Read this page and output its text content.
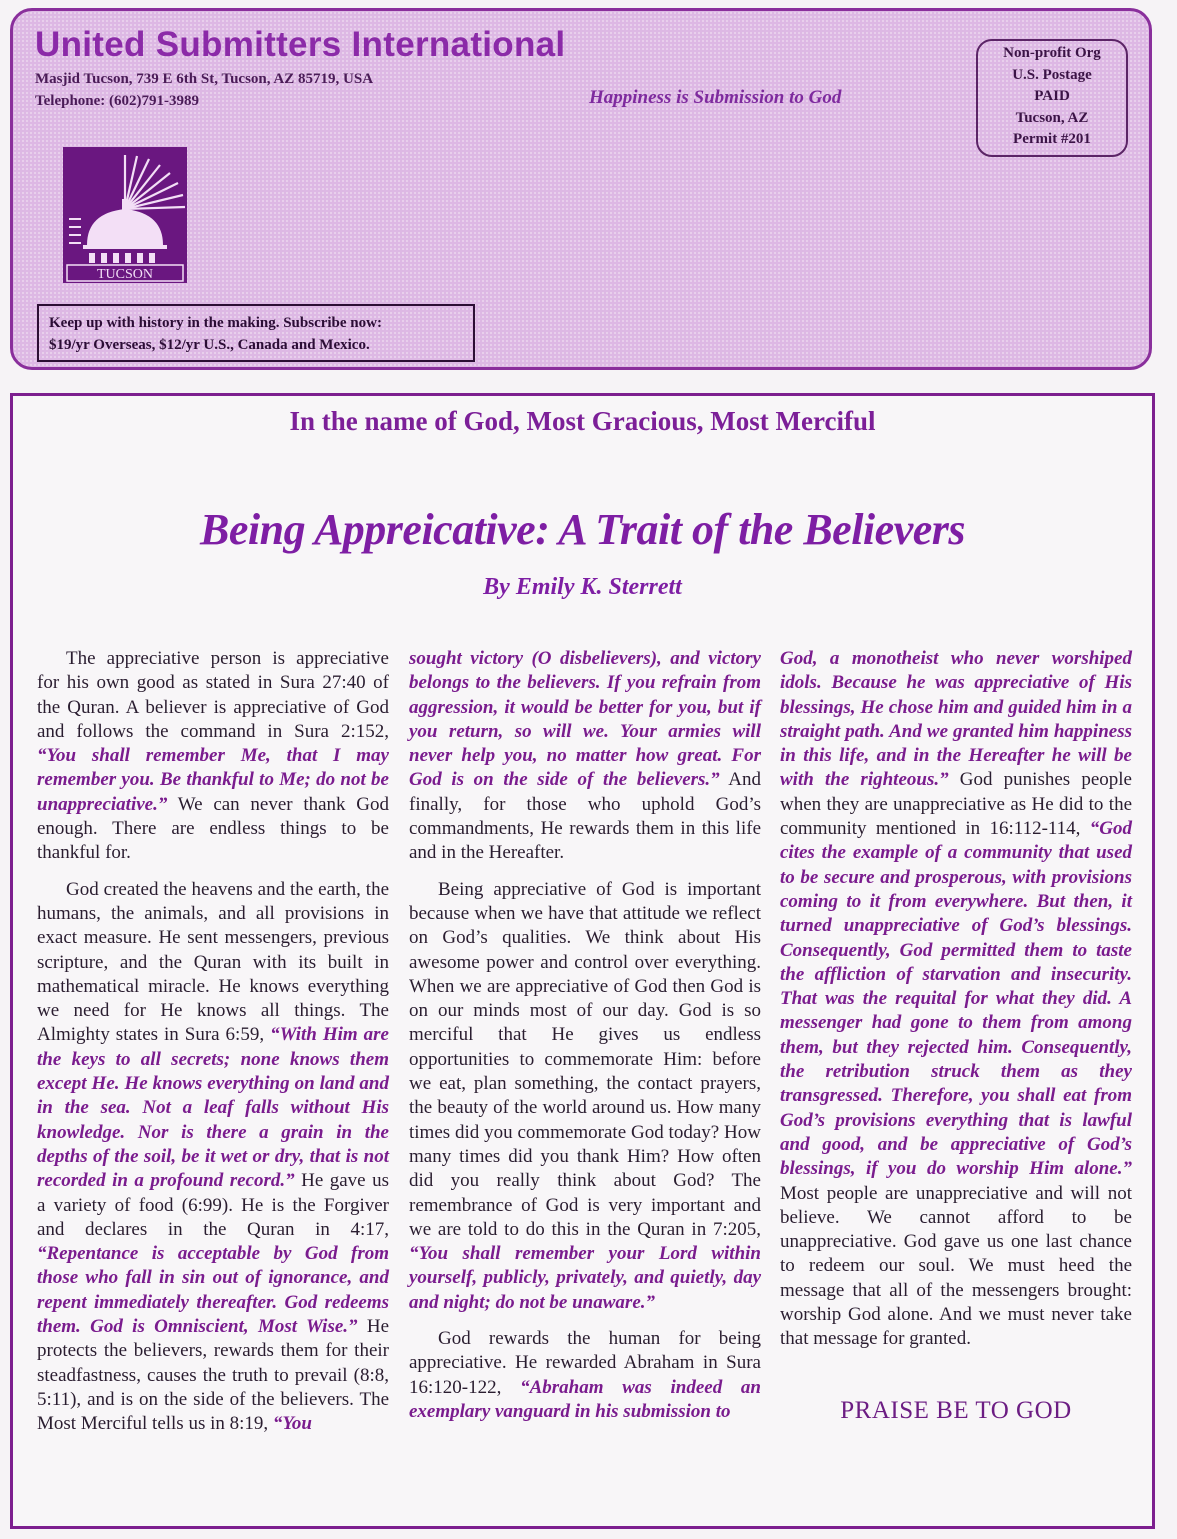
United Submitters International
Masjid Tucson, 739 E 6th St, Tucson, AZ 85719, USA
Telephone: (602)791-3989	Happiness is Submission to God
Non-profit Org
U.S. Postage
PAID
Tucson, AZ
Permit #201
TUCSON
Keep up with history in the making. Subscribe now:
$19/yr Overseas, $12/yr U.S., Canada and Mexico.
In the name of God, Most Gracious, Most Merciful
Being Appreicative: A Trait of the Believers
By Emily K. Sterrett

The appreciative person is appreciative for his own good as stated in Sura 27:40 of the Quran. A believer is appreciative of God and follows the command in Sura 2:152, “You shall remember Me, that I may remember you. Be thankful to Me; do not be unappreciative.” We can never thank God enough. There are endless things to be thankful for.

God created the heavens and the earth, the humans, the animals, and all provisions in exact measure. He sent messengers, previous scripture, and the Quran with its built in mathematical miracle. He knows everything we need for He knows all things. The Almighty states in Sura 6:59, “With Him are the keys to all secrets; none knows them except He. He knows everything on land and in the sea. Not a leaf falls without His knowledge. Nor is there a grain in the depths of the soil, be it wet or dry, that is not recorded in a profound record.” He gave us a variety of food (6:99). He is the Forgiver and declares in the Quran in 4:17, “Repentance is acceptable by God from those who fall in sin out of ignorance, and repent immediately thereafter. God redeems them. God is Omniscient, Most Wise.” He protects the believers, rewards them for their steadfastness, causes the truth to prevail (8:8, 5:11), and is on the side of the believers. The Most Merciful tells us in 8:19, “You

sought victory (O disbelievers), and victory belongs to the believers. If you refrain from aggression, it would be better for you, but if you return, so will we. Your armies will never help you, no matter how great. For God is on the side of the believers.” And finally, for those who uphold God’s commandments, He rewards them in this life and in the Hereafter.

Being appreciative of God is important because when we have that attitude we reflect on God’s qualities. We think about His awesome power and control over everything. When we are appreciative of God then God is on our minds most of our day. God is so merciful that He gives us endless opportunities to commemorate Him: before we eat, plan something, the contact prayers, the beauty of the world around us. How many times did you commemorate God today? How many times did you thank Him? How often did you really think about God? The remembrance of God is very important and we are told to do this in the Quran in 7:205, “You shall remember your Lord within yourself, publicly, privately, and quietly, day and night; do not be unaware.”

God rewards the human for being appreciative. He rewarded Abraham in Sura 16:120-122, “Abraham was indeed an exemplary vanguard in his submission to

God, a monotheist who never worshiped idols. Because he was appreciative of His blessings, He chose him and guided him in a straight path. And we granted him happiness in this life, and in the Hereafter he will be with the righteous.” God punishes people when they are unappreciative as He did to the community mentioned in 16:112-114, “God cites the example of a community that used to be secure and prosperous, with provisions coming to it from everywhere. But then, it turned unappreciative of God’s blessings. Consequently, God permitted them to taste the affliction of starvation and insecurity. That was the requital for what they did. A messenger had gone to them from among them, but they rejected him. Consequently, the retribution struck them as they transgressed. Therefore, you shall eat from God’s provisions everything that is lawful and good, and be appreciative of God’s blessings, if you do worship Him alone.” Most people are unappreciative and will not believe. We cannot afford to be unappreciative. God gave us one last chance to redeem our soul. We must heed the message that all of the messengers brought: worship God alone. And we must never take that message for granted.

PRAISE BE TO GOD
